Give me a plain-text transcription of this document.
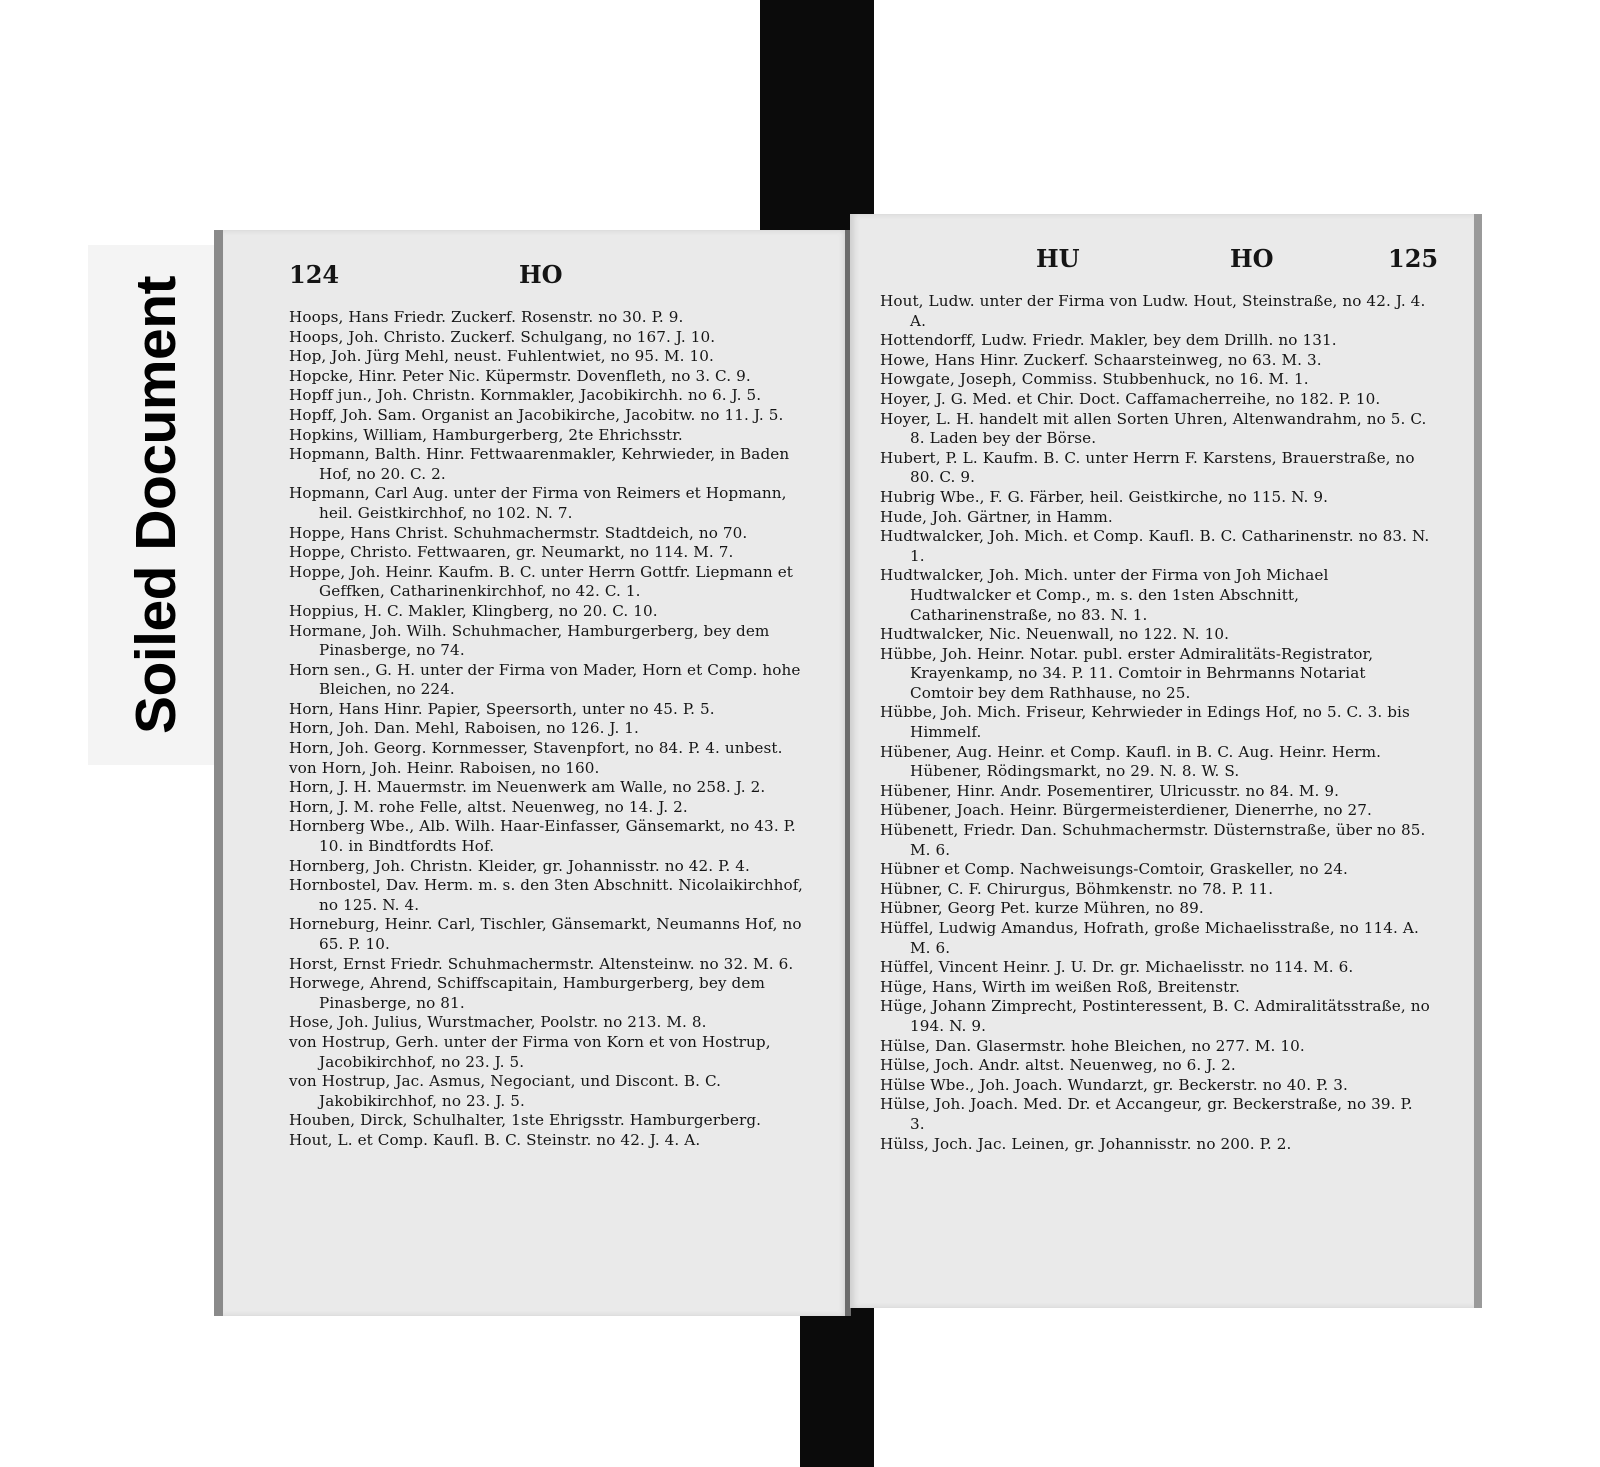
Soiled Document
124	HO
Hoops, Hans Friedr. Zuckerf. Rosenstr. no 30. P. 9.
Hoops, Joh. Christo. Zuckerf. Schulgang, no 167. J. 10.
Hop, Joh. Jürg Mehl, neust. Fuhlentwiet, no 95. M. 10.
Hopcke, Hinr. Peter Nic. Küpermstr. Dovenfleth, no 3. C. 9.
Hopff jun., Joh. Christn. Kornmakler, Jacobikirchh. no 6. J. 5.
Hopff, Joh. Sam. Organist an Jacobikirche, Jacobitw. no 11. J. 5.
Hopkins, William, Hamburgerberg, 2te Ehrichsstr.
Hopmann, Balth. Hinr. Fettwaarenmakler, Kehrwieder, in Baden Hof, no 20. C. 2.
Hopmann, Carl Aug. unter der Firma von Reimers et Hopmann, heil. Geistkirchhof, no 102. N. 7.
Hoppe, Hans Christ. Schuhmachermstr. Stadtdeich, no 70.
Hoppe, Christo. Fettwaaren, gr. Neumarkt, no 114. M. 7.
Hoppe, Joh. Heinr. Kaufm. B. C. unter Herrn Gottfr. Liepmann et Geffken, Catharinenkirchhof, no 42. C. 1.
Hoppius, H. C. Makler, Klingberg, no 20. C. 10.
Hormane, Joh. Wilh. Schuhmacher, Hamburgerberg, bey dem Pinasberge, no 74.
Horn sen., G. H. unter der Firma von Mader, Horn et Comp. hohe Bleichen, no 224.
Horn, Hans Hinr. Papier, Speersorth, unter no 45. P. 5.
Horn, Joh. Dan. Mehl, Raboisen, no 126. J. 1.
Horn, Joh. Georg. Kornmesser, Stavenpfort, no 84. P. 4. unbest.
von Horn, Joh. Heinr. Raboisen, no 160.
Horn, J. H. Mauermstr. im Neuenwerk am Walle, no 258. J. 2.
Horn, J. M. rohe Felle, altst. Neuenweg, no 14. J. 2.
Hornberg Wbe., Alb. Wilh. Haar-Einfasser, Gänsemarkt, no 43. P. 10. in Bindtfordts Hof.
Hornberg, Joh. Christn. Kleider, gr. Johannisstr. no 42. P. 4.
Hornbostel, Dav. Herm. m. s. den 3ten Abschnitt. Nicolaikirchhof, no 125. N. 4.
Horneburg, Heinr. Carl, Tischler, Gänsemarkt, Neumanns Hof, no 65. P. 10.
Horst, Ernst Friedr. Schuhmachermstr. Altensteinw. no 32. M. 6.
Horwege, Ahrend, Schiffscapitain, Hamburgerberg, bey dem Pinasberge, no 81.
Hose, Joh. Julius, Wurstmacher, Poolstr. no 213. M. 8.
von Hostrup, Gerh. unter der Firma von Korn et von Hostrup, Jacobikirchhof, no 23. J. 5.
von Hostrup, Jac. Asmus, Negociant, und Discont. B. C. Jakobikirchhof, no 23. J. 5.
Houben, Dirck, Schulhalter, 1ste Ehrigsstr. Hamburgerberg.
Hout, L. et Comp. Kaufl. B. C. Steinstr. no 42. J. 4. A.
HU	HO	125
Hout, Ludw. unter der Firma von Ludw. Hout, Steinstraße, no 42. J. 4. A.
Hottendorff, Ludw. Friedr. Makler, bey dem Drillh. no 131.
Howe, Hans Hinr. Zuckerf. Schaarsteinweg, no 63. M. 3.
Howgate, Joseph, Commiss. Stubbenhuck, no 16. M. 1.
Hoyer, J. G. Med. et Chir. Doct. Caffamacherreihe, no 182. P. 10.
Hoyer, L. H. handelt mit allen Sorten Uhren, Altenwandrahm, no 5. C. 8. Laden bey der Börse.
Hubert, P. L. Kaufm. B. C. unter Herrn F. Karstens, Brauerstraße, no 80. C. 9.
Hubrig Wbe., F. G. Färber, heil. Geistkirche, no 115. N. 9.
Hude, Joh. Gärtner, in Hamm.
Hudtwalcker, Joh. Mich. et Comp. Kaufl. B. C. Catharinenstr. no 83. N. 1.
Hudtwalcker, Joh. Mich. unter der Firma von Joh Michael Hudtwalcker et Comp., m. s. den 1sten Abschnitt, Catharinenstraße, no 83. N. 1.
Hudtwalcker, Nic. Neuenwall, no 122. N. 10.
Hübbe, Joh. Heinr. Notar. publ. erster Admiralitäts-Registrator, Krayenkamp, no 34. P. 11. Comtoir in Behrmanns Notariat Comtoir bey dem Rathhause, no 25.
Hübbe, Joh. Mich. Friseur, Kehrwieder in Edings Hof, no 5. C. 3. bis Himmelf.
Hübener, Aug. Heinr. et Comp. Kaufl. in B. C. Aug. Heinr. Herm. Hübener, Rödingsmarkt, no 29. N. 8. W. S.
Hübener, Hinr. Andr. Posementirer, Ulricusstr. no 84. M. 9.
Hübener, Joach. Heinr. Bürgermeisterdiener, Dienerrhe, no 27.
Hübenett, Friedr. Dan. Schuhmachermstr. Düsternstraße, über no 85. M. 6.
Hübner et Comp. Nachweisungs-Comtoir, Graskeller, no 24.
Hübner, C. F. Chirurgus, Böhmkenstr. no 78. P. 11.
Hübner, Georg Pet. kurze Mühren, no 89.
Hüffel, Ludwig Amandus, Hofrath, große Michaelisstraße, no 114. A. M. 6.
Hüffel, Vincent Heinr. J. U. Dr. gr. Michaelisstr. no 114. M. 6.
Hüge, Hans, Wirth im weißen Roß, Breitenstr.
Hüge, Johann Zimprecht, Postinteressent, B. C. Admiralitätsstraße, no 194. N. 9.
Hülse, Dan. Glasermstr. hohe Bleichen, no 277. M. 10.
Hülse, Joch. Andr. altst. Neuenweg, no 6. J. 2.
Hülse Wbe., Joh. Joach. Wundarzt, gr. Beckerstr. no 40. P. 3.
Hülse, Joh. Joach. Med. Dr. et Accangeur, gr. Beckerstraße, no 39. P. 3.
Hülss, Joch. Jac. Leinen, gr. Johannisstr. no 200. P. 2.
